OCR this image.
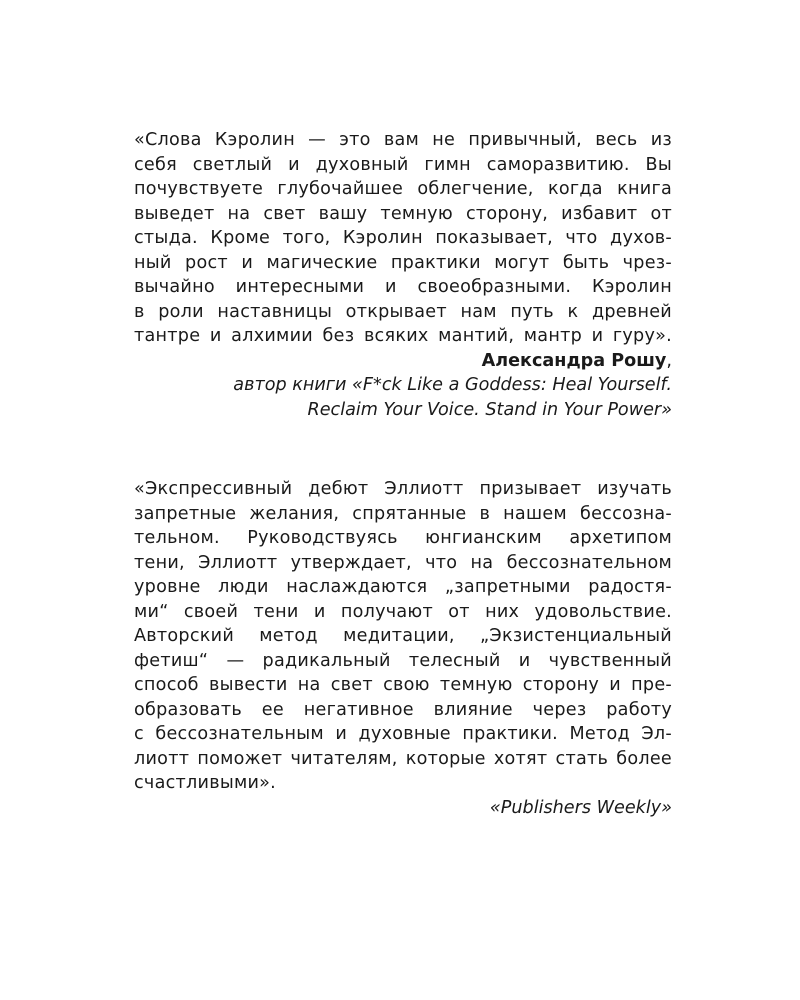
«Слова Кэролин — это вам не привычный, весь из
себя светлый и духовный гимн саморазвитию. Вы
почувствуете глубочайшее облегчение, когда книга
выведет на свет вашу темную сторону, избавит от
стыда. Кроме того, Кэролин показывает, что духов-
ный рост и магические практики могут быть чрез-
вычайно интересными и своеобразными. Кэролин
в роли наставницы открывает нам путь к древней
тантре и алхимии без всяких мантий, мантр и гуру».
Александра Рошу,
автор книги «F*ck Like a Goddess: Heal Yourself.
Reclaim Your Voice. Stand in Your Power»
«Экспрессивный дебют Эллиотт призывает изучать
запретные желания, спрятанные в нашем бессозна-
тельном. Руководствуясь юнгианским архетипом
тени, Эллиотт утверждает, что на бессознательном
уровне люди наслаждаются „запретными радостя-
ми“ своей тени и получают от них удовольствие.
Авторский метод медитации, „Экзистенциальный
фетиш“ — радикальный телесный и чувственный
способ вывести на свет свою темную сторону и пре-
образовать ее негативное влияние через работу
с бессознательным и духовные практики. Метод Эл-
лиотт поможет читателям, которые хотят стать более
счастливыми».
«Publishers Weekly»
